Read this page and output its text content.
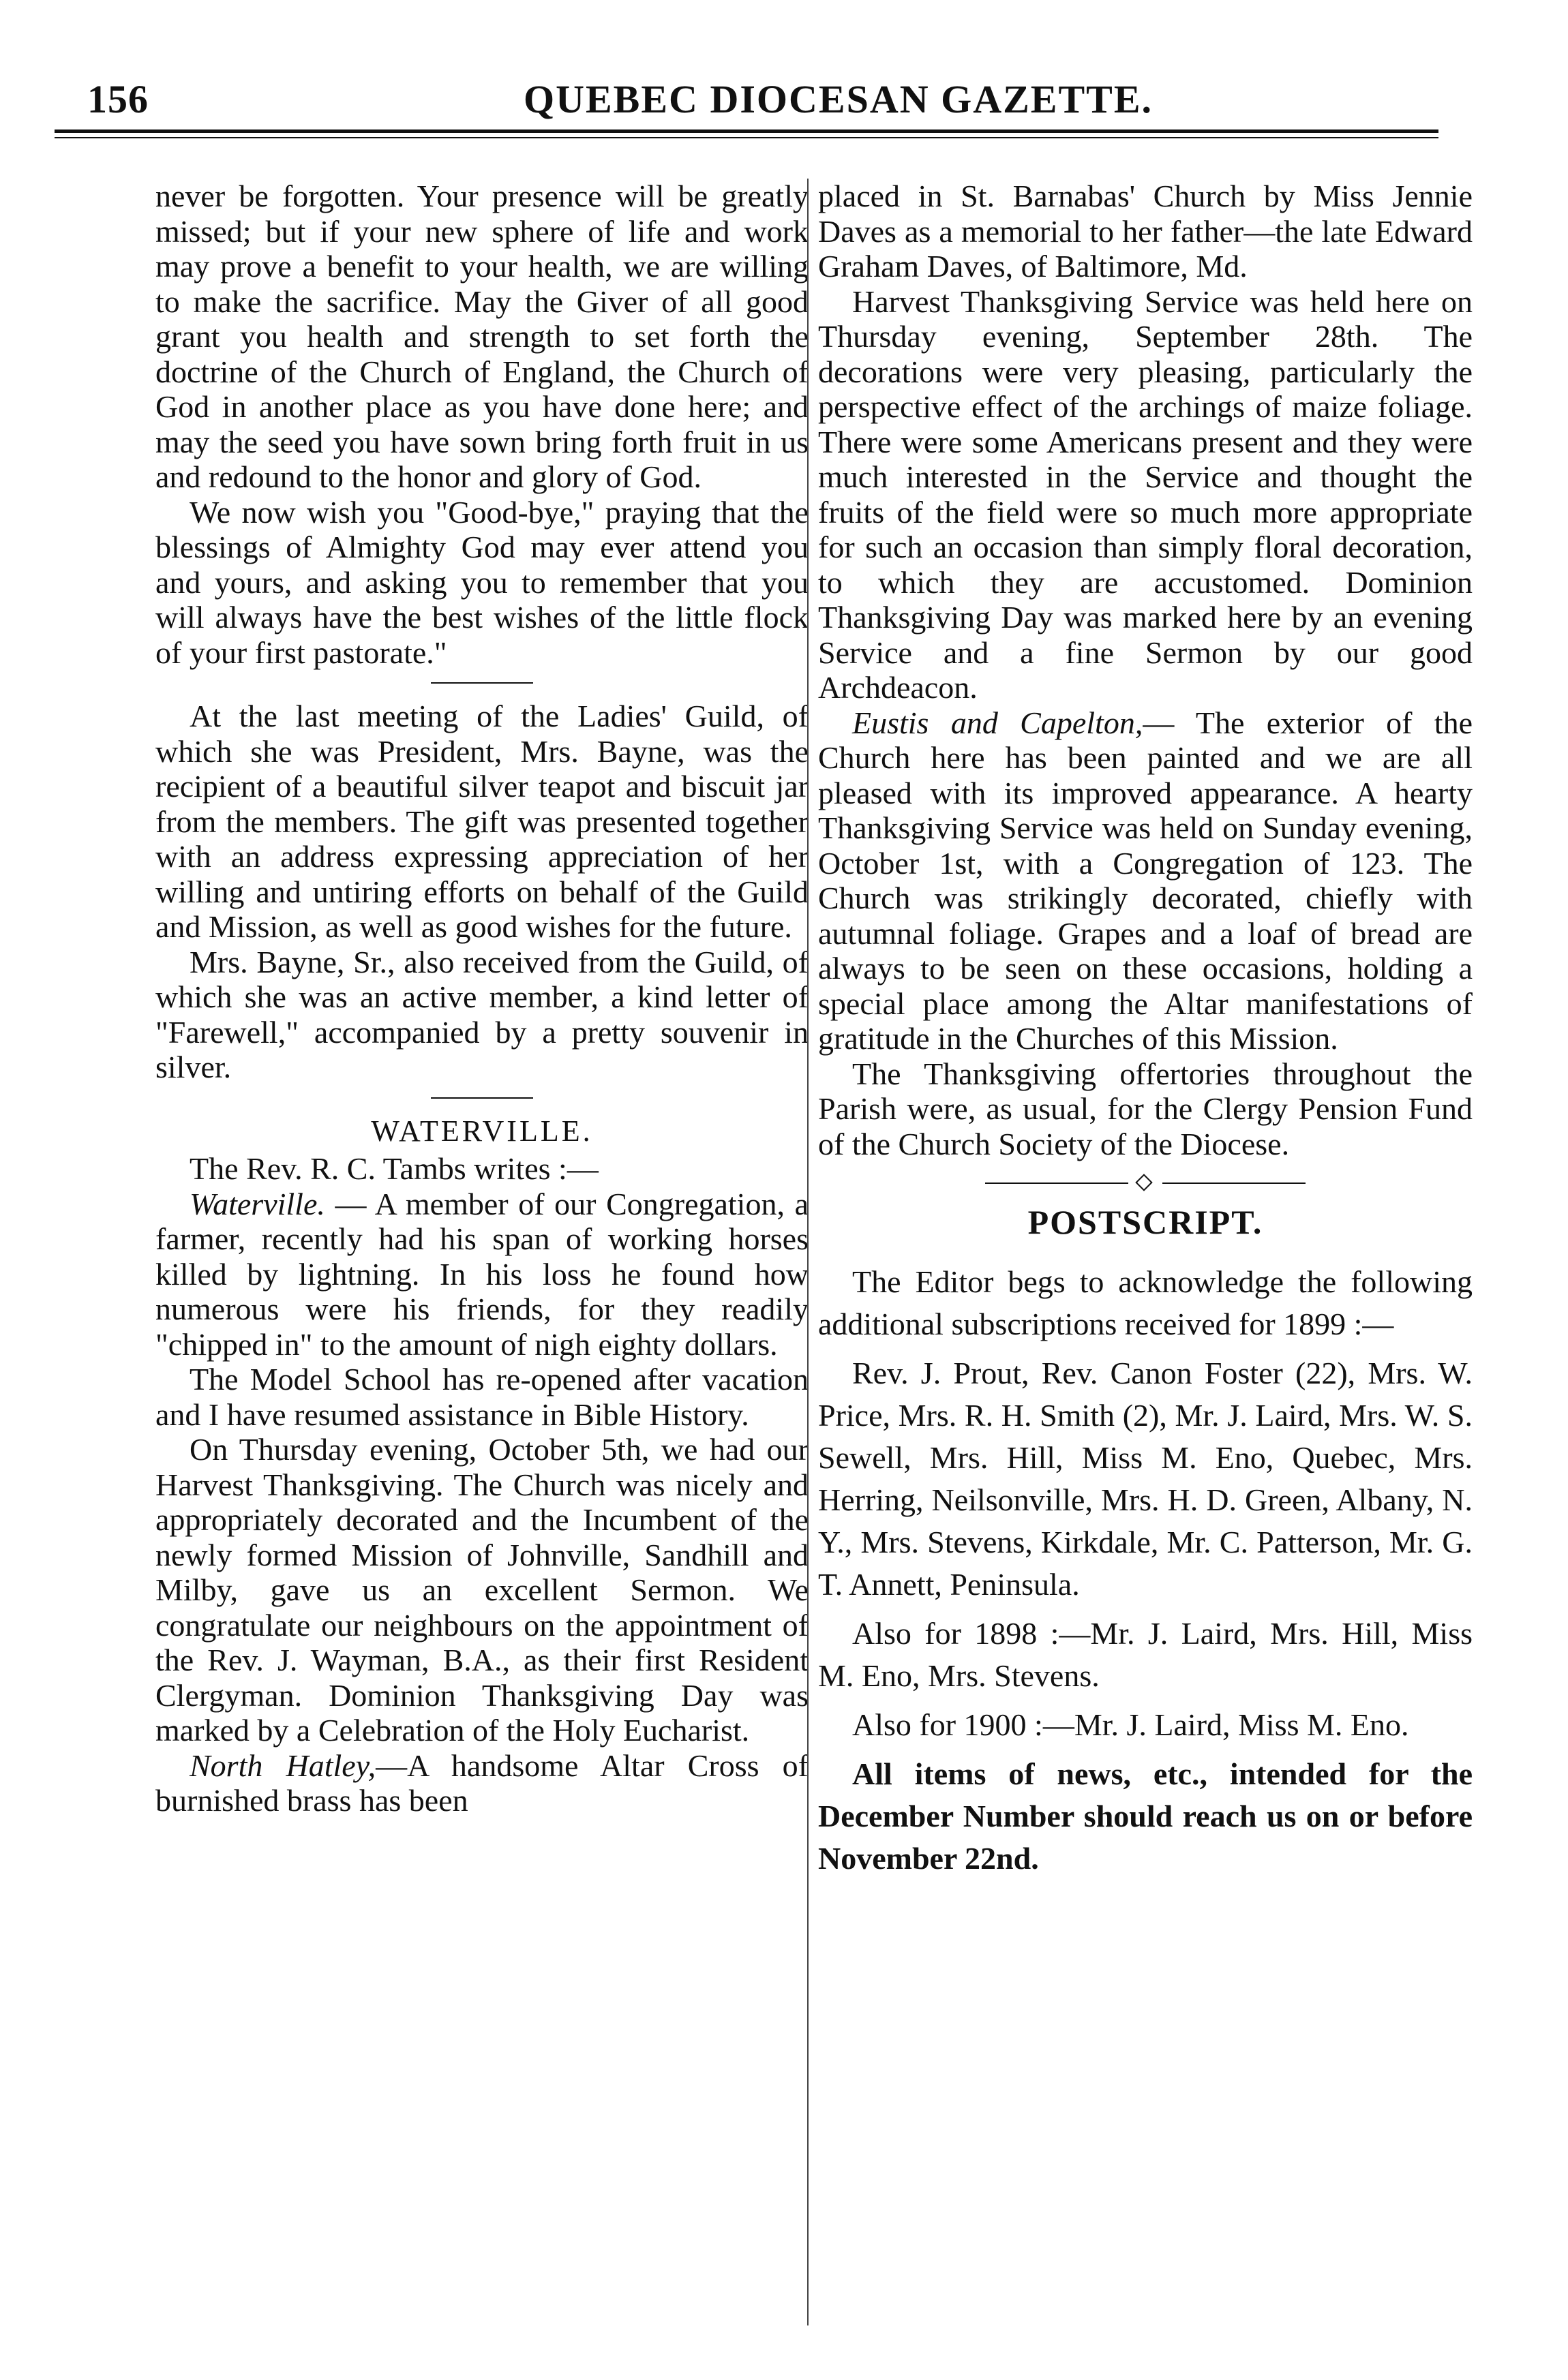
156	QUEBEC DIOCESAN GAZETTE.

never be forgotten. Your presence will be greatly missed; but if your new sphere of life and work may prove a benefit to your health, we are willing to make the sacrifice. May the Giver of all good grant you health and strength to set forth the doctrine of the Church of England, the Church of God in another place as you have done here; and may the seed you have sown bring forth fruit in us and redound to the honor and glory of God.

We now wish you "Good-bye," praying that the blessings of Almighty God may ever attend you and yours, and asking you to remember that you will always have the best wishes of the little flock of your first pastorate."

At the last meeting of the Ladies' Guild, of which she was President, Mrs. Bayne, was the recipient of a beautiful silver teapot and biscuit jar from the members. The gift was presented together with an address expressing appreciation of her willing and untiring efforts on behalf of the Guild and Mission, as well as good wishes for the future.

Mrs. Bayne, Sr., also received from the Guild, of which she was an active member, a kind letter of "Farewell," accompanied by a pretty souvenir in silver.

WATERVILLE.

The Rev. R. C. Tambs writes :—

Waterville. — A member of our Congregation, a farmer, recently had his span of working horses killed by lightning. In his loss he found how numerous were his friends, for they readily "chipped in" to the amount of nigh eighty dollars.

The Model School has re-opened after vacation and I have resumed assistance in Bible History.

On Thursday evening, October 5th, we had our Harvest Thanksgiving. The Church was nicely and appropriately decorated and the Incumbent of the newly formed Mission of Johnville, Sandhill and Milby, gave us an excellent Sermon. We congratulate our neighbours on the appointment of the Rev. J. Wayman, B.A., as their first Resident Clergyman. Dominion Thanksgiving Day was marked by a Celebration of the Holy Eucharist.

North Hatley,—A handsome Altar Cross of burnished brass has been

placed in St. Barnabas' Church by Miss Jennie Daves as a memorial to her father—the late Edward Graham Daves, of Baltimore, Md.

Harvest Thanksgiving Service was held here on Thursday evening, September 28th. The decorations were very pleasing, particularly the perspective effect of the archings of maize foliage. There were some Americans present and they were much interested in the Service and thought the fruits of the field were so much more appropriate for such an occasion than simply floral decoration, to which they are accustomed. Dominion Thanksgiving Day was marked here by an evening Service and a fine Sermon by our good Archdeacon.

Eustis and Capelton,— The exterior of the Church here has been painted and we are all pleased with its improved appearance. A hearty Thanksgiving Service was held on Sunday evening, October 1st, with a Congregation of 123. The Church was strikingly decorated, chiefly with autumnal foliage. Grapes and a loaf of bread are always to be seen on these occasions, holding a special place among the Altar manifestations of gratitude in the Churches of this Mission.

The Thanksgiving offertories throughout the Parish were, as usual, for the Clergy Pension Fund of the Church Society of the Diocese.

POSTSCRIPT.

The Editor begs to acknowledge the following additional subscriptions received for 1899 :—

Rev. J. Prout, Rev. Canon Foster (22), Mrs. W. Price, Mrs. R. H. Smith (2), Mr. J. Laird, Mrs. W. S. Sewell, Mrs. Hill, Miss M. Eno, Quebec, Mrs. Herring, Neilsonville, Mrs. H. D. Green, Albany, N. Y., Mrs. Stevens, Kirkdale, Mr. C. Patterson, Mr. G. T. Annett, Peninsula.

Also for 1898 :—Mr. J. Laird, Mrs. Hill, Miss M. Eno, Mrs. Stevens.

Also for 1900 :—Mr. J. Laird, Miss M. Eno.

All items of news, etc., intended for the December Number should reach us on or before November 22nd.
